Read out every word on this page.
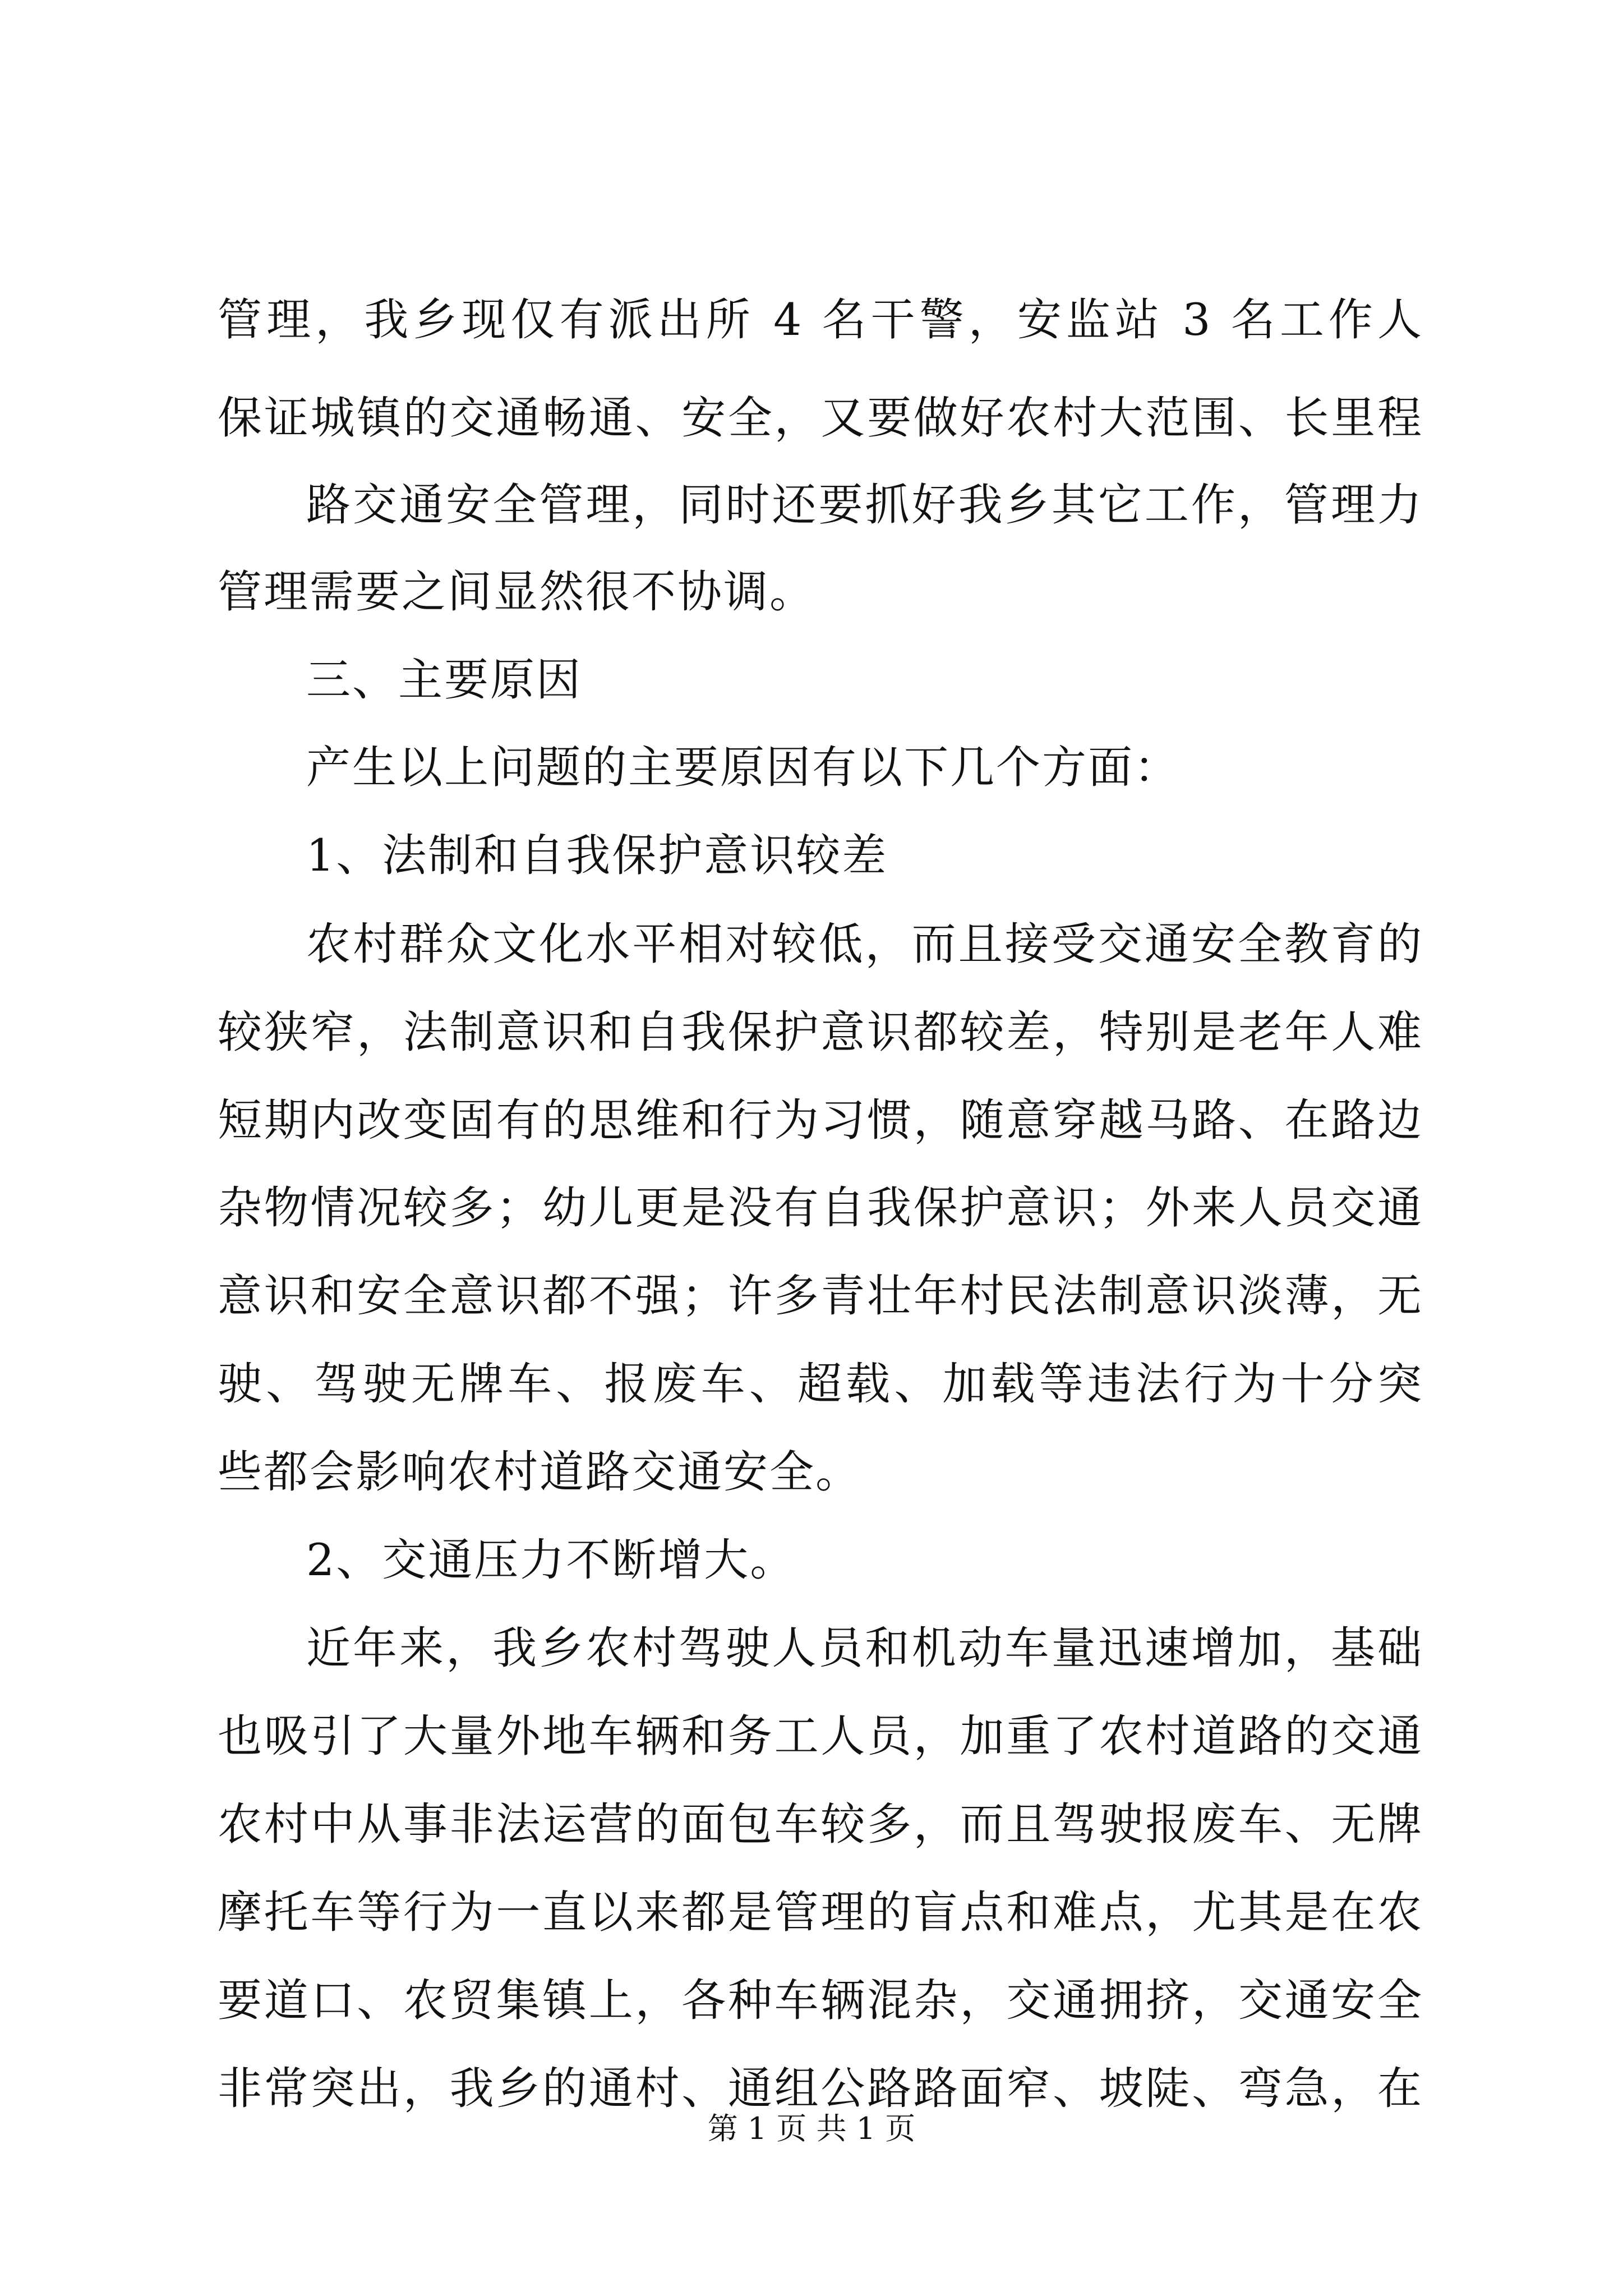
管理，我乡现仅有派出所 4 名干警，安监站 3 名工作人
保证城镇的交通畅通、安全，又要做好农村大范围、长里程
路交通安全管理，同时还要抓好我乡其它工作，管理力
管理需要之间显然很不协调。
三、主要原因
产生以上问题的主要原因有以下几个方面：
1、法制和自我保护意识较差
农村群众文化水平相对较低，而且接受交通安全教育的
较狭窄，法制意识和自我保护意识都较差，特别是老年人难
短期内改变固有的思维和行为习惯，随意穿越马路、在路边
杂物情况较多；幼儿更是没有自我保护意识；外来人员交通
意识和安全意识都不强；许多青壮年村民法制意识淡薄，无
驶、驾驶无牌车、报废车、超载、加载等违法行为十分突
些都会影响农村道路交通安全。
2、交通压力不断增大。
近年来，我乡农村驾驶人员和机动车量迅速增加，基础
也吸引了大量外地车辆和务工人员，加重了农村道路的交通
农村中从事非法运营的面包车较多，而且驾驶报废车、无牌
摩托车等行为一直以来都是管理的盲点和难点，尤其是在农
要道口、农贸集镇上，各种车辆混杂，交通拥挤，交通安全
非常突出，我乡的通村、通组公路路面窄、坡陡、弯急，在
第 1 页 共 1 页
